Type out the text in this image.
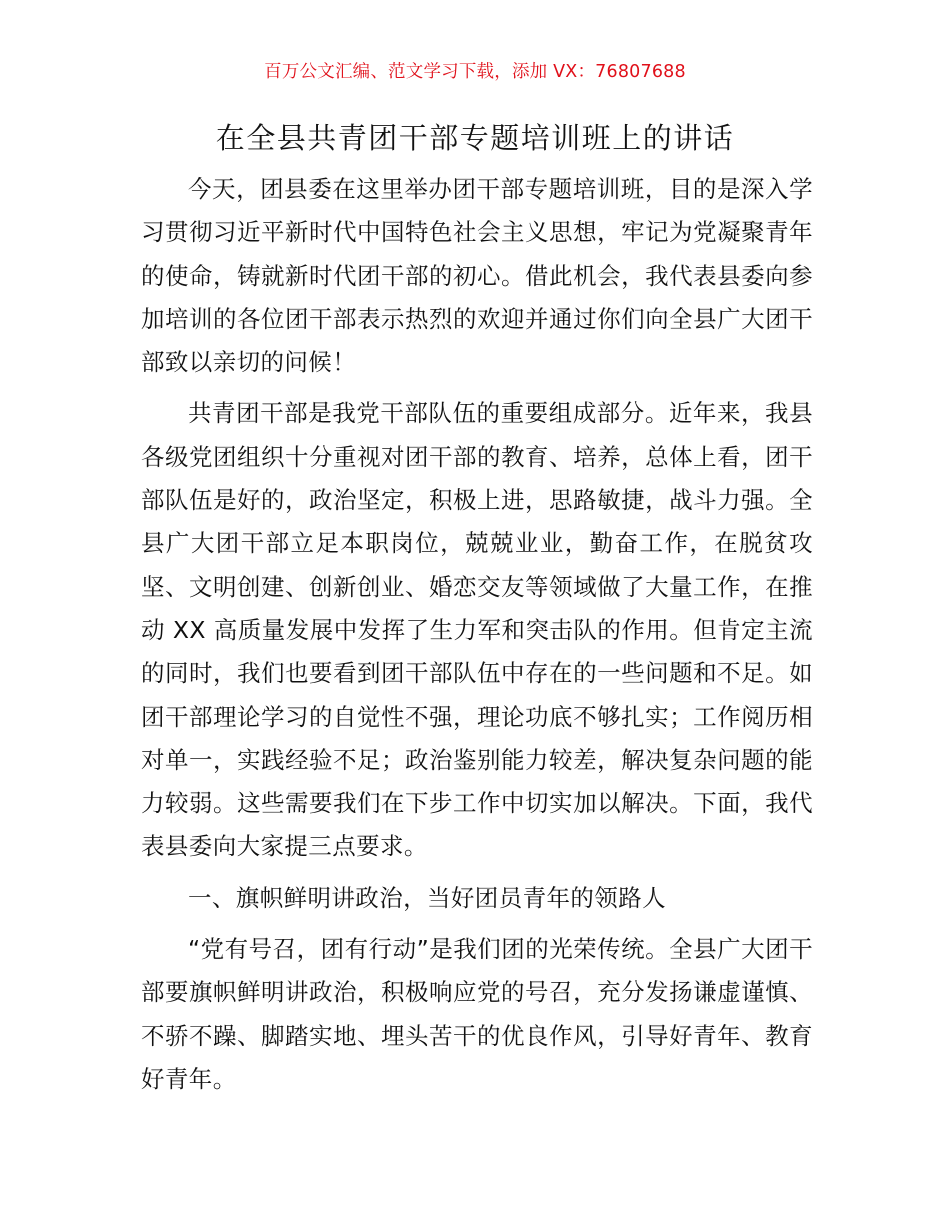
百万公文汇编、范文学习下载，添加 VX：76807688
在全县共青团干部专题培训班上的讲话

今天，团县委在这里举办团干部专题培训班，目的是深入学习贯彻习近平新时代中国特色社会主义思想，牢记为党凝聚青年的使命，铸就新时代团干部的初心。借此机会，我代表县委向参加培训的各位团干部表示热烈的欢迎并通过你们向全县广大团干部致以亲切的问候！

共青团干部是我党干部队伍的重要组成部分。近年来，我县各级党团组织十分重视对团干部的教育、培养，总体上看，团干部队伍是好的，政治坚定，积极上进，思路敏捷，战斗力强。全县广大团干部立足本职岗位，兢兢业业，勤奋工作，在脱贫攻坚、文明创建、创新创业、婚恋交友等领域做了大量工作，在推动 XX 高质量发展中发挥了生力军和突击队的作用。但肯定主流的同时，我们也要看到团干部队伍中存在的一些问题和不足。如团干部理论学习的自觉性不强，理论功底不够扎实；工作阅历相对单一，实践经验不足；政治鉴别能力较差，解决复杂问题的能力较弱。这些需要我们在下步工作中切实加以解决。下面，我代表县委向大家提三点要求。

一、旗帜鲜明讲政治，当好团员青年的领路人

“党有号召，团有行动”是我们团的光荣传统。全县广大团干部要旗帜鲜明讲政治，积极响应党的号召，充分发扬谦虚谨慎、不骄不躁、脚踏实地、埋头苦干的优良作风，引导好青年、教育好青年。
